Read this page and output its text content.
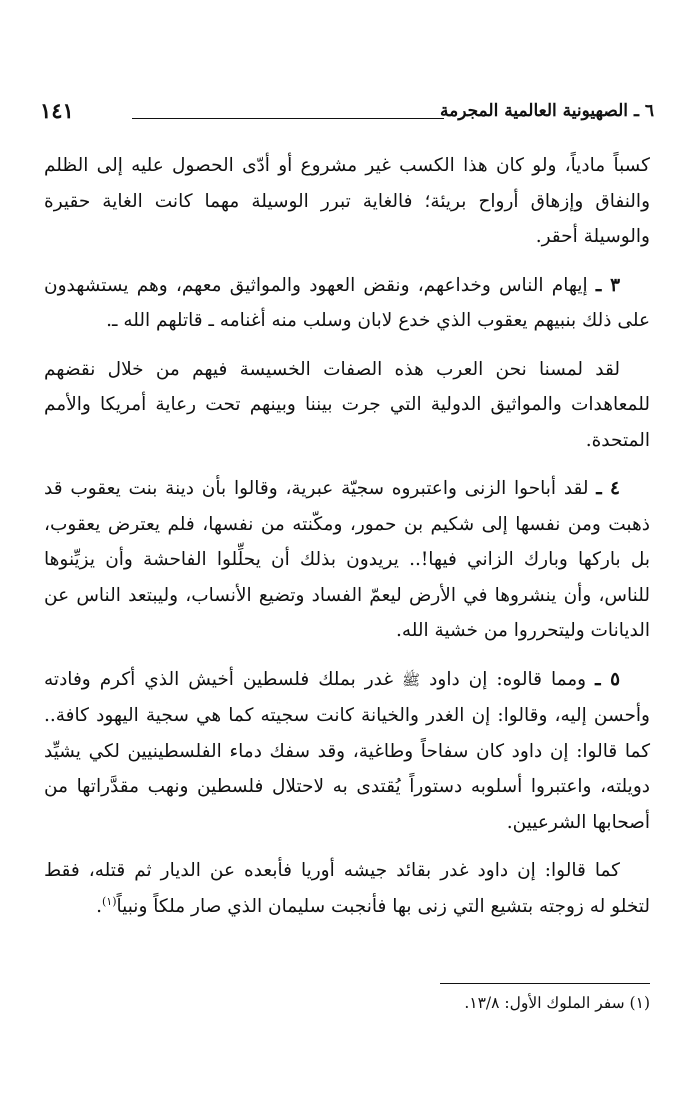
١٤١	٦ ـ الصهيونية العالمية المجرمة

كسباً مادياً، ولو كان هذا الكسب غير مشروع أو أدّى الحصول عليه إلى الظلم والنفاق وإزهاق أرواح بريئة؛ فالغاية تبرر الوسيلة مهما كانت الغاية حقيرة والوسيلة أحقر.

٣ ـ إيهام الناس وخداعهم، ونقض العهود والمواثيق معهم، وهم يستشهدون على ذلك بنبيهم يعقوب الذي خدع لابان وسلب منه أغنامه ـ قاتلهم الله ـ.

لقد لمسنا نحن العرب هذه الصفات الخسيسة فيهم من خلال نقضهم للمعاهدات والمواثيق الدولية التي جرت بيننا وبينهم تحت رعاية أمريكا والأمم المتحدة.

٤ ـ لقد أباحوا الزنى واعتبروه سجيّة عبرية، وقالوا بأن دينة بنت يعقوب قد ذهبت ومن نفسها إلى شكيم بن حمور، ومكّنته من نفسها، فلم يعترض يعقوب، بل باركها وبارك الزاني فيها!.. يريدون بذلك أن يحلِّلوا الفاحشة وأن يزيِّنوها للناس، وأن ينشروها في الأرض ليعمّ الفساد وتضيع الأنساب، وليبتعد الناس عن الديانات وليتحرروا من خشية الله.

٥ ـ ومما قالوه: إن داود ﷺ غدر بملك فلسطين أخيش الذي أكرم وفادته وأحسن إليه، وقالوا: إن الغدر والخيانة كانت سجيته كما هي سجية اليهود كافة.. كما قالوا: إن داود كان سفاحاً وطاغية، وقد سفك دماء الفلسطينيين لكي يشيِّد دويلته، واعتبروا أسلوبه دستوراً يُقتدى به لاحتلال فلسطين ونهب مقدَّراتها من أصحابها الشرعيين.

كما قالوا: إن داود غدر بقائد جيشه أوريا فأبعده عن الديار ثم قتله، فقط لتخلو له زوجته بتشيع التي زنى بها فأنجبت سليمان الذي صار ملكاً ونبياً$^{(١)}$.

(١) سفر الملوك الأول: ١٣/٨.
